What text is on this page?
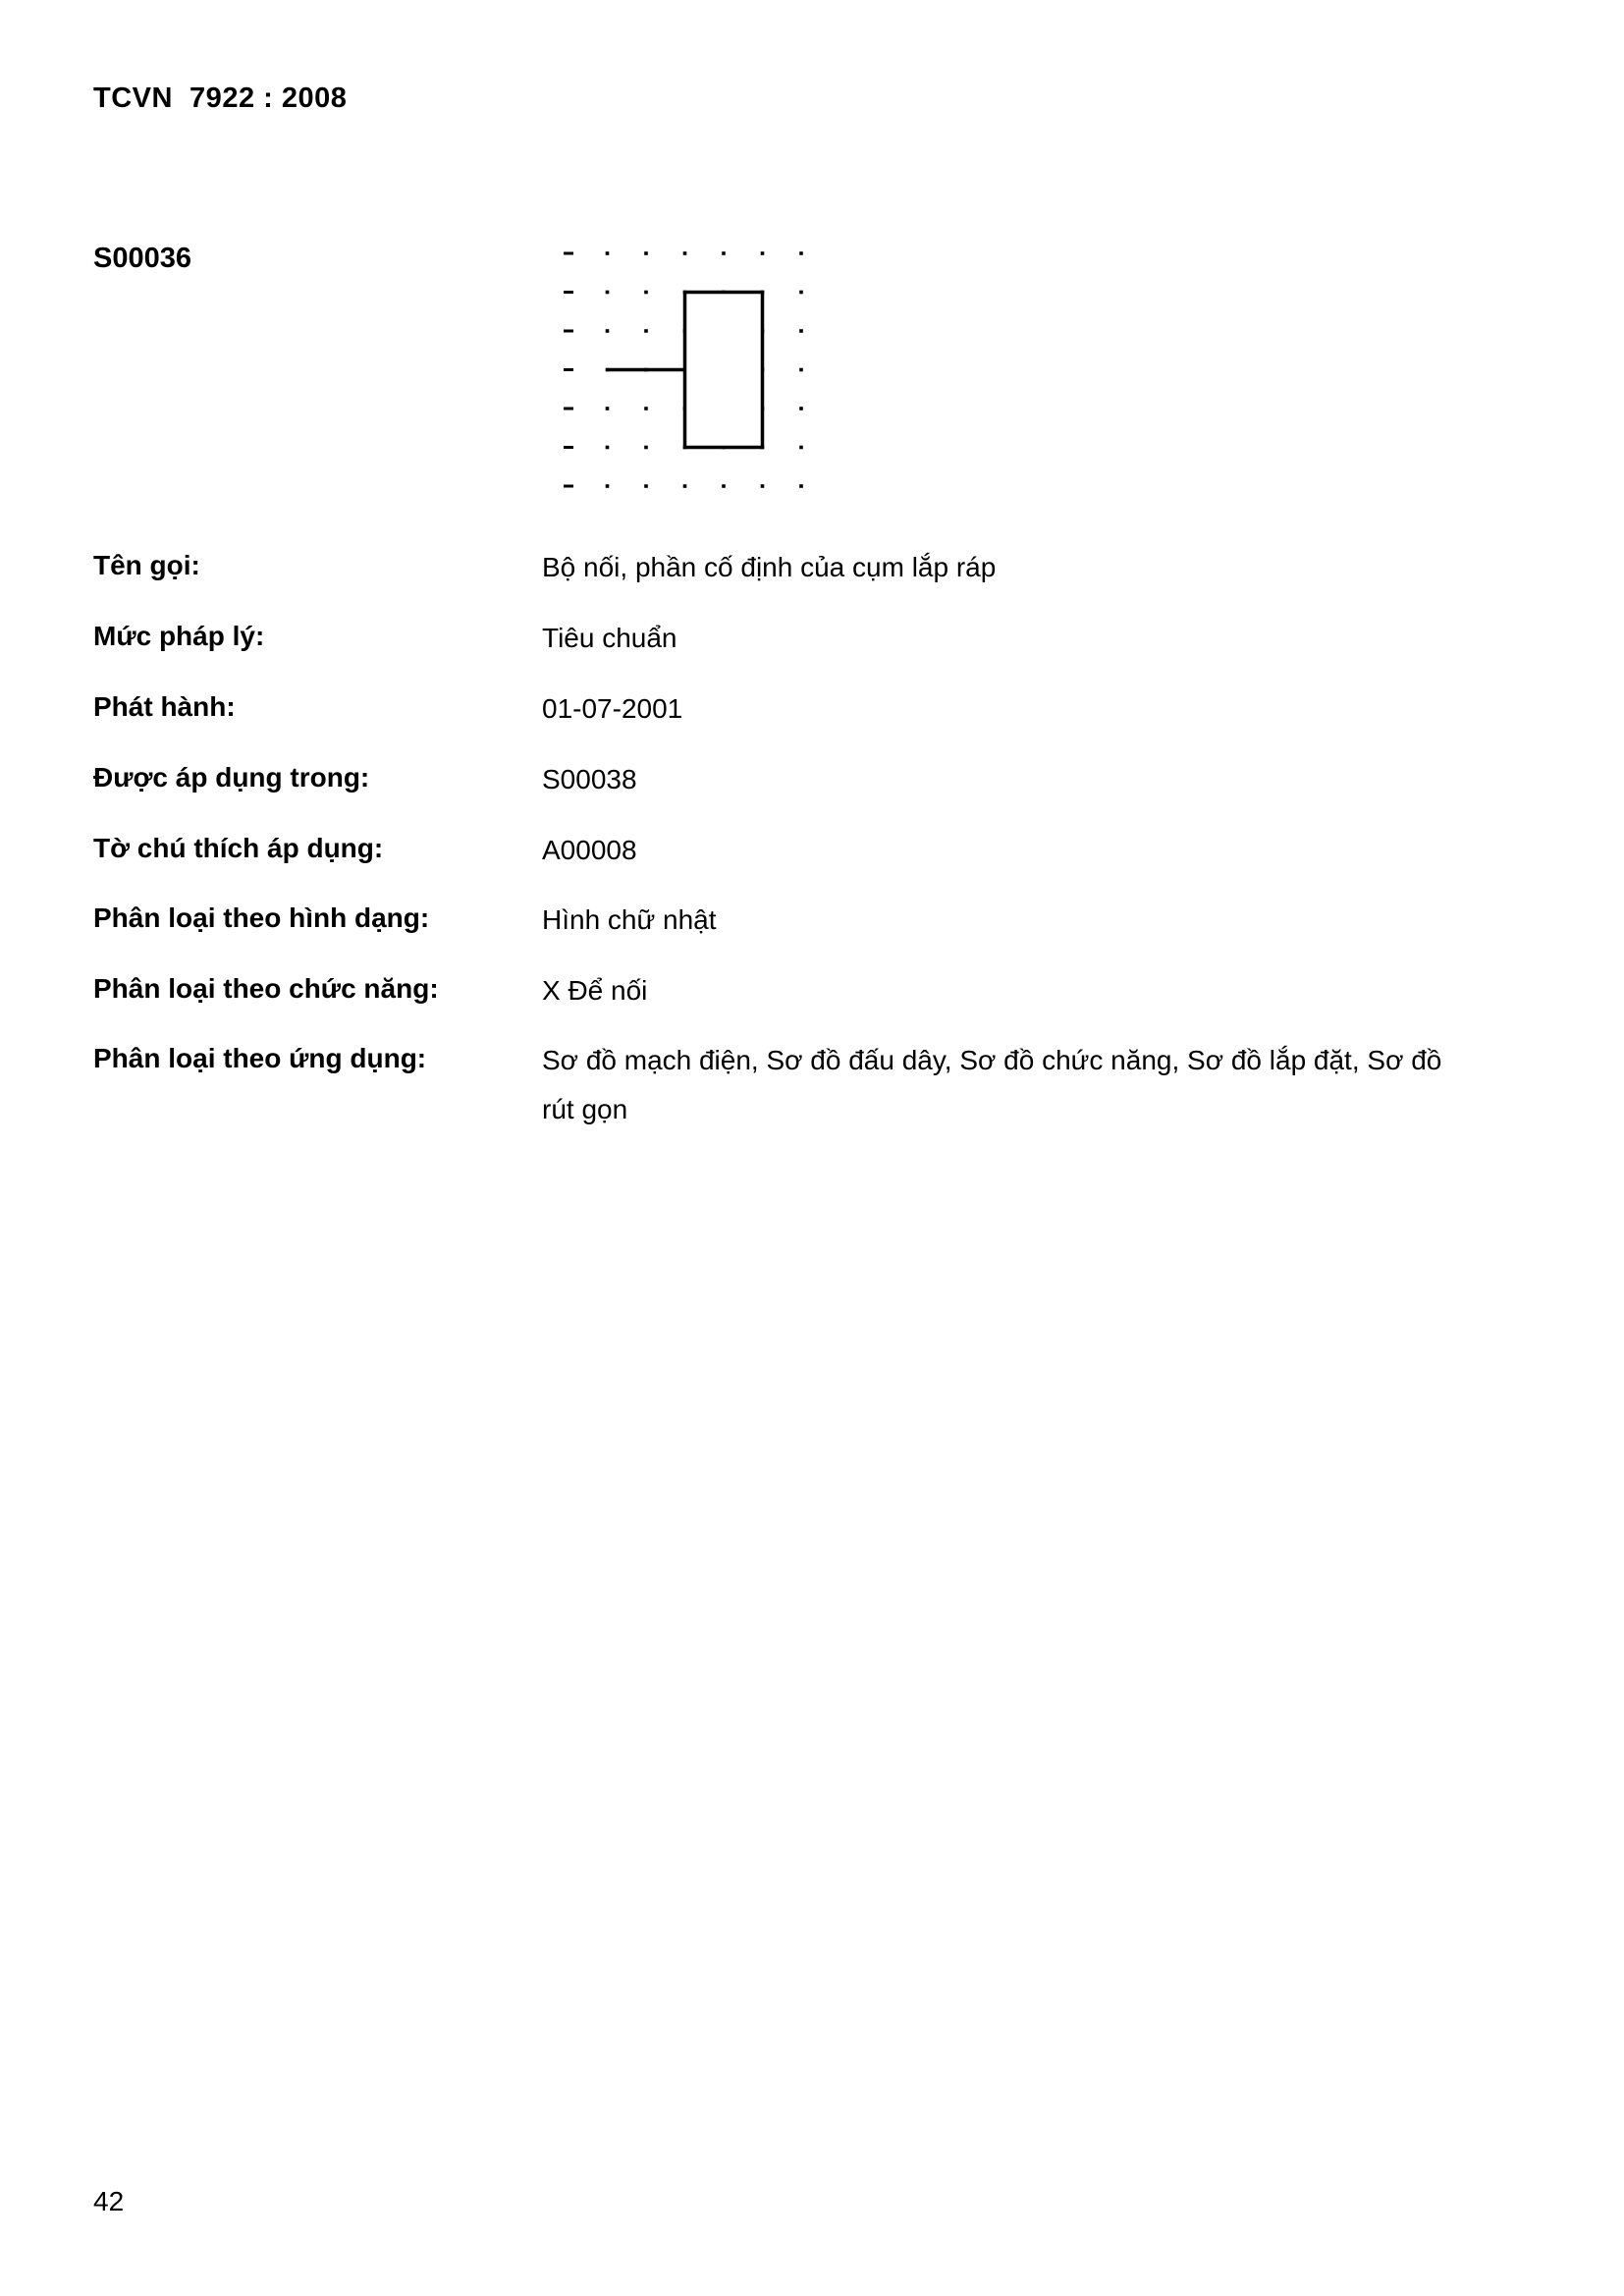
TCVN  7922 : 2008
S00036
Tên gọi:	Bộ nối, phần cố định của cụm lắp ráp
Mức pháp lý:	Tiêu chuẩn
Phát hành:	01-07-2001
Được áp dụng trong:	S00038
Tờ chú thích áp dụng:	A00008
Phân loại theo hình dạng:	Hình chữ nhật
Phân loại theo chức năng:	X Để nối
Phân loại theo ứng dụng:	Sơ đồ mạch điện, Sơ đồ đấu dây, Sơ đồ chức năng, Sơ đồ lắp đặt, Sơ đồ rút gọn
42
